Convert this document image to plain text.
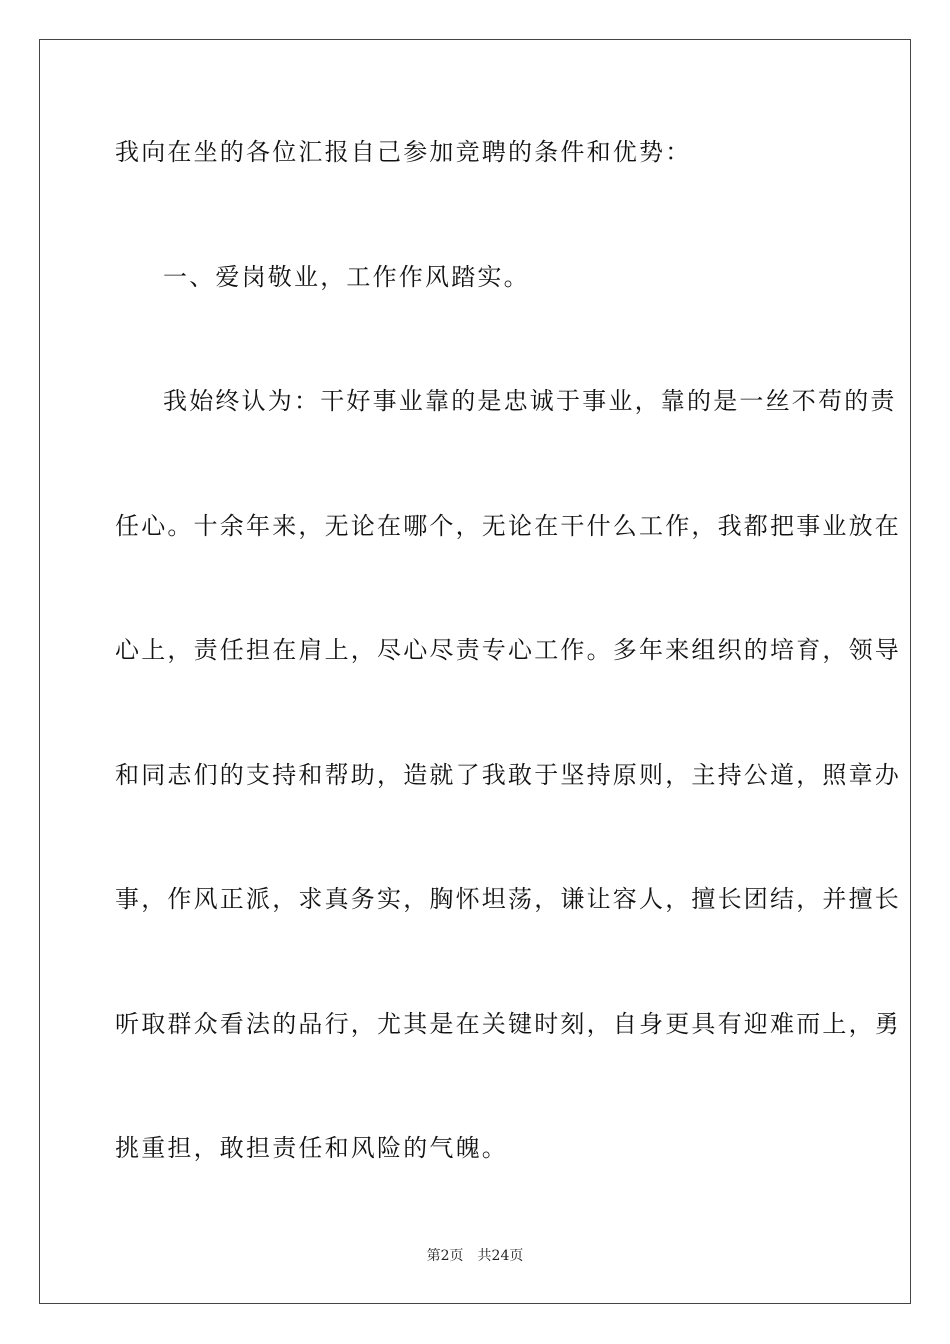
我向在坐的各位汇报自己参加竞聘的条件和优势：
一、爱岗敬业，工作作风踏实。
我始终认为：干好事业靠的是忠诚于事业，靠的是一丝不苟的责
任心。十余年来，无论在哪个，无论在干什么工作，我都把事业放在
心上，责任担在肩上，尽心尽责专心工作。多年来组织的培育，领导
和同志们的支持和帮助，造就了我敢于坚持原则，主持公道，照章办
事，作风正派，求真务实，胸怀坦荡，谦让容人，擅长团结，并擅长
听取群众看法的品行，尤其是在关键时刻，自身更具有迎难而上，勇
挑重担，敢担责任和风险的气魄。
第2页 共24页
